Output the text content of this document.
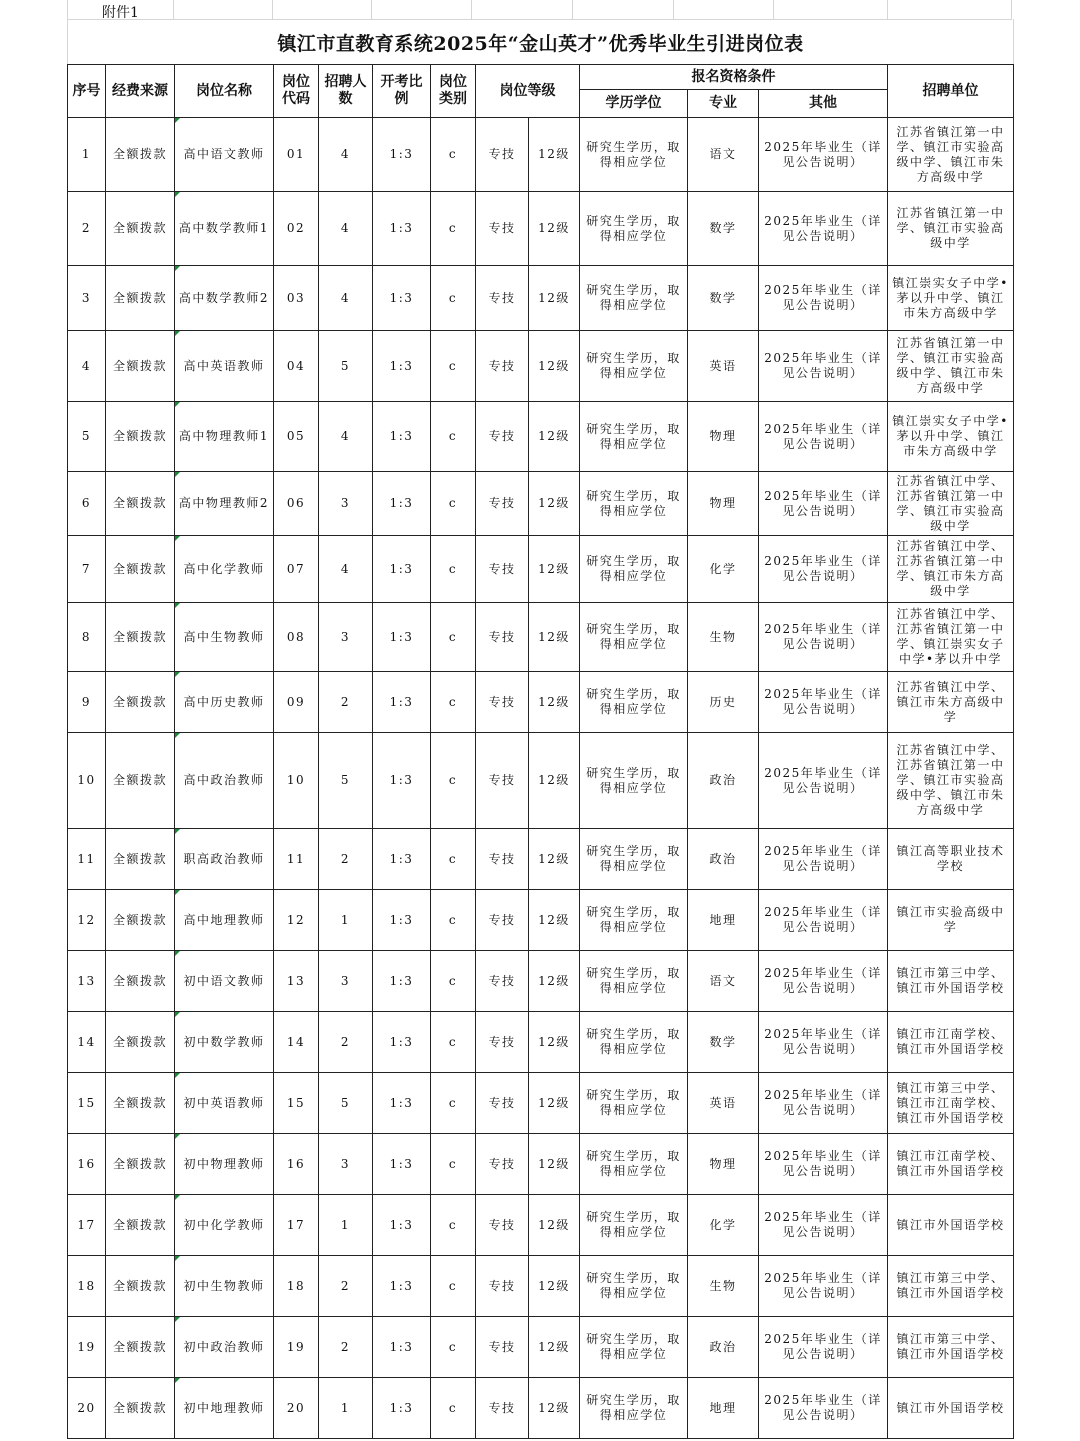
附件1
镇江市直教育系统2025年“金山英才”优秀毕业生引进岗位表
序号	经费来源	岗位名称	岗位代码	招聘人数	开考比例	岗位类别	岗位等级		报名资格条件			招聘单位
									学历学位	专业	其他	
1	全额拨款	高中语文教师	01	4	1:3	c	专技	12级	研究生学历，取得相应学位	语文	2025年毕业生（详见公告说明）	江苏省镇江第一中学、镇江市实验高级中学、镇江市朱方高级中学
2	全额拨款	高中数学教师1	02	4	1:3	c	专技	12级	研究生学历，取得相应学位	数学	2025年毕业生（详见公告说明）	江苏省镇江第一中学、镇江市实验高级中学
3	全额拨款	高中数学教师2	03	4	1:3	c	专技	12级	研究生学历，取得相应学位	数学	2025年毕业生（详见公告说明）	镇江崇实女子中学•茅以升中学、镇江市朱方高级中学
4	全额拨款	高中英语教师	04	5	1:3	c	专技	12级	研究生学历，取得相应学位	英语	2025年毕业生（详见公告说明）	江苏省镇江第一中学、镇江市实验高级中学、镇江市朱方高级中学
5	全额拨款	高中物理教师1	05	4	1:3	c	专技	12级	研究生学历，取得相应学位	物理	2025年毕业生（详见公告说明）	镇江崇实女子中学•茅以升中学、镇江市朱方高级中学
6	全额拨款	高中物理教师2	06	3	1:3	c	专技	12级	研究生学历，取得相应学位	物理	2025年毕业生（详见公告说明）	江苏省镇江中学、江苏省镇江第一中学、镇江市实验高级中学
7	全额拨款	高中化学教师	07	4	1:3	c	专技	12级	研究生学历，取得相应学位	化学	2025年毕业生（详见公告说明）	江苏省镇江中学、江苏省镇江第一中学、镇江市朱方高级中学
8	全额拨款	高中生物教师	08	3	1:3	c	专技	12级	研究生学历，取得相应学位	生物	2025年毕业生（详见公告说明）	江苏省镇江中学、江苏省镇江第一中学、镇江崇实女子中学•茅以升中学
9	全额拨款	高中历史教师	09	2	1:3	c	专技	12级	研究生学历，取得相应学位	历史	2025年毕业生（详见公告说明）	江苏省镇江中学、镇江市朱方高级中学
10	全额拨款	高中政治教师	10	5	1:3	c	专技	12级	研究生学历，取得相应学位	政治	2025年毕业生（详见公告说明）	江苏省镇江中学、江苏省镇江第一中学、镇江市实验高级中学、镇江市朱方高级中学
11	全额拨款	职高政治教师	11	2	1:3	c	专技	12级	研究生学历，取得相应学位	政治	2025年毕业生（详见公告说明）	镇江高等职业技术学校
12	全额拨款	高中地理教师	12	1	1:3	c	专技	12级	研究生学历，取得相应学位	地理	2025年毕业生（详见公告说明）	镇江市实验高级中学
13	全额拨款	初中语文教师	13	3	1:3	c	专技	12级	研究生学历，取得相应学位	语文	2025年毕业生（详见公告说明）	镇江市第三中学、镇江市外国语学校
14	全额拨款	初中数学教师	14	2	1:3	c	专技	12级	研究生学历，取得相应学位	数学	2025年毕业生（详见公告说明）	镇江市江南学校、镇江市外国语学校
15	全额拨款	初中英语教师	15	5	1:3	c	专技	12级	研究生学历，取得相应学位	英语	2025年毕业生（详见公告说明）	镇江市第三中学、镇江市江南学校、镇江市外国语学校
16	全额拨款	初中物理教师	16	3	1:3	c	专技	12级	研究生学历，取得相应学位	物理	2025年毕业生（详见公告说明）	镇江市江南学校、镇江市外国语学校
17	全额拨款	初中化学教师	17	1	1:3	c	专技	12级	研究生学历，取得相应学位	化学	2025年毕业生（详见公告说明）	镇江市外国语学校
18	全额拨款	初中生物教师	18	2	1:3	c	专技	12级	研究生学历，取得相应学位	生物	2025年毕业生（详见公告说明）	镇江市第三中学、镇江市外国语学校
19	全额拨款	初中政治教师	19	2	1:3	c	专技	12级	研究生学历，取得相应学位	政治	2025年毕业生（详见公告说明）	镇江市第三中学、镇江市外国语学校
20	全额拨款	初中地理教师	20	1	1:3	c	专技	12级	研究生学历，取得相应学位	地理	2025年毕业生（详见公告说明）	镇江市外国语学校
